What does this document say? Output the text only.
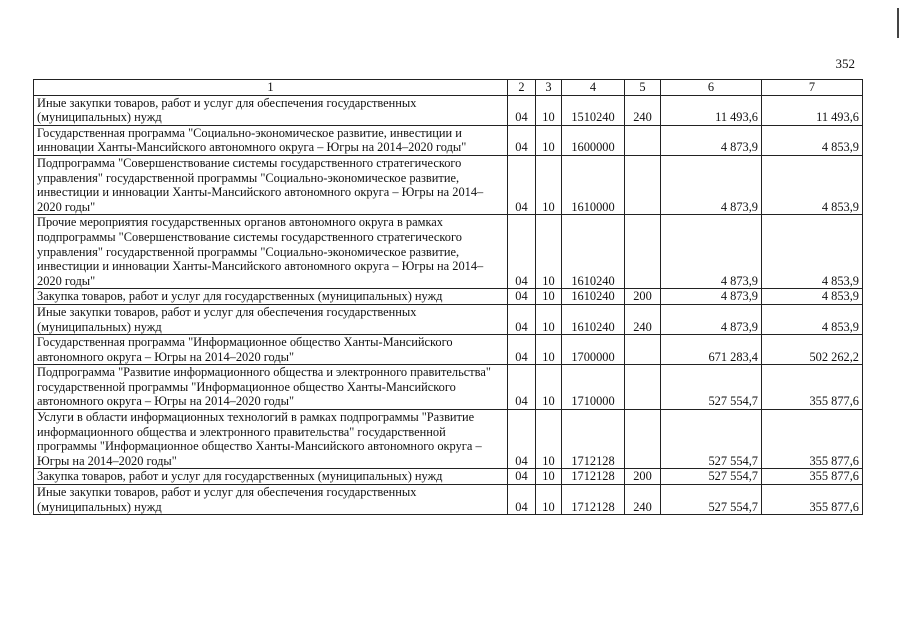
352
1	2	3	4	5	6	7
Иные закупки товаров, работ и услуг для обеспечения государственных (муниципальных) нужд	04	10	1510240	240	11 493,6	11 493,6
Государственная программа "Социально-экономическое развитие, инвестиции и инновации Ханты-Мансийского автономного округа – Югры на 2014–2020 годы"	04	10	1600000		4 873,9	4 853,9
Подпрограмма "Совершенствование системы государственного стратегического управления" государственной программы "Социально-экономическое развитие, инвестиции и инновации Ханты-Мансийского автономного округа – Югры на 2014–2020 годы"	04	10	1610000		4 873,9	4 853,9
Прочие мероприятия государственных органов автономного округа в рамках подпрограммы "Совершенствование системы государственного стратегического управления" государственной программы "Социально-экономическое развитие, инвестиции и инновации Ханты-Мансийского автономного округа – Югры на 2014–2020 годы"	04	10	1610240		4 873,9	4 853,9
Закупка товаров, работ и услуг для государственных (муниципальных) нужд	04	10	1610240	200	4 873,9	4 853,9
Иные закупки товаров, работ и услуг для обеспечения государственных (муниципальных) нужд	04	10	1610240	240	4 873,9	4 853,9
Государственная программа "Информационное общество Ханты-Мансийского автономного округа – Югры на 2014–2020 годы"	04	10	1700000		671 283,4	502 262,2
Подпрограмма "Развитие информационного общества и электронного правительства" государственной программы "Информационное общество Ханты-Мансийского автономного округа – Югры на 2014–2020 годы"	04	10	1710000		527 554,7	355 877,6
Услуги в области информационных технологий в рамках подпрограммы "Развитие информационного общества и электронного правительства" государственной программы "Информационное общество Ханты-Мансийского автономного округа – Югры на 2014–2020 годы"	04	10	1712128		527 554,7	355 877,6
Закупка товаров, работ и услуг для государственных (муниципальных) нужд	04	10	1712128	200	527 554,7	355 877,6
Иные закупки товаров, работ и услуг для обеспечения государственных (муниципальных) нужд	04	10	1712128	240	527 554,7	355 877,6
